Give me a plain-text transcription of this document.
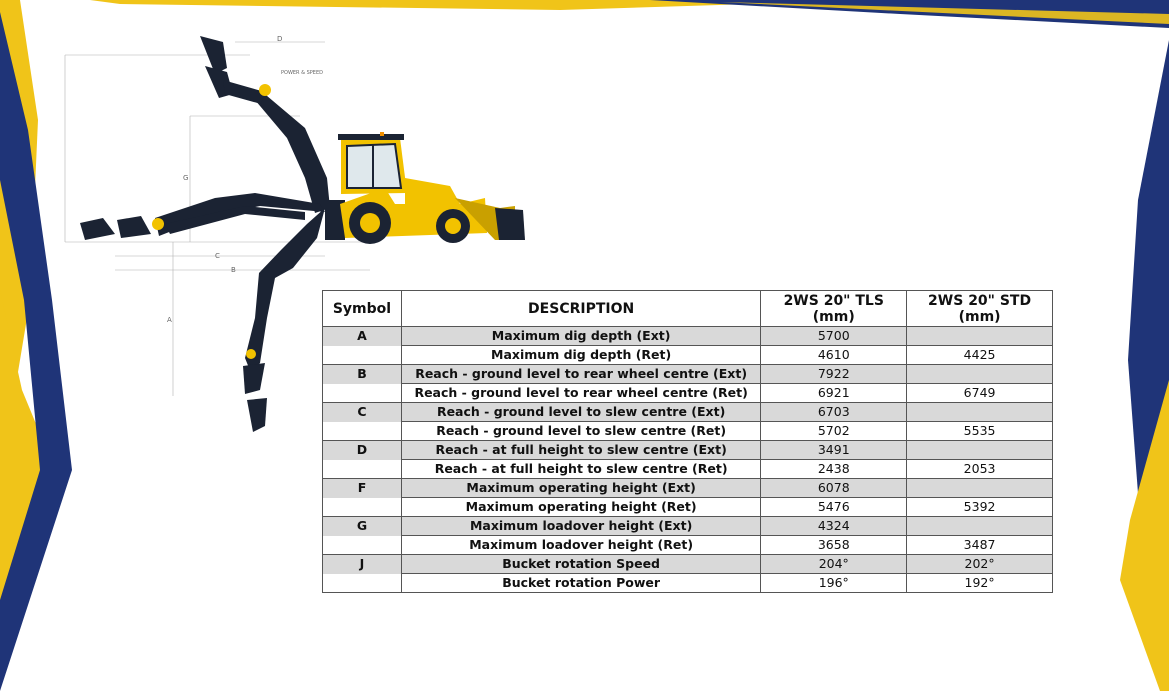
D
G
C
B
A
POWER & SPEED
Symbol	DESCRIPTION	2WS 20" TLS (mm)	2WS 20" STD (mm)
A	Maximum dig depth (Ext)	5700	
	Maximum dig depth (Ret)	4610	4425
B	Reach - ground level to rear wheel centre (Ext)	7922	
	Reach - ground level to rear wheel centre (Ret)	6921	6749
C	Reach - ground level to slew centre (Ext)	6703	
	Reach - ground level to slew centre (Ret)	5702	5535
D	Reach - at full height to slew centre (Ext)	3491	
	Reach - at full height to slew centre (Ret)	2438	2053
F	Maximum operating height (Ext)	6078	
	Maximum operating height (Ret)	5476	5392
G	Maximum loadover height (Ext)	4324	
	Maximum loadover height (Ret)	3658	3487
J	Bucket rotation Speed	204°	202°
	Bucket rotation Power	196°	192°
